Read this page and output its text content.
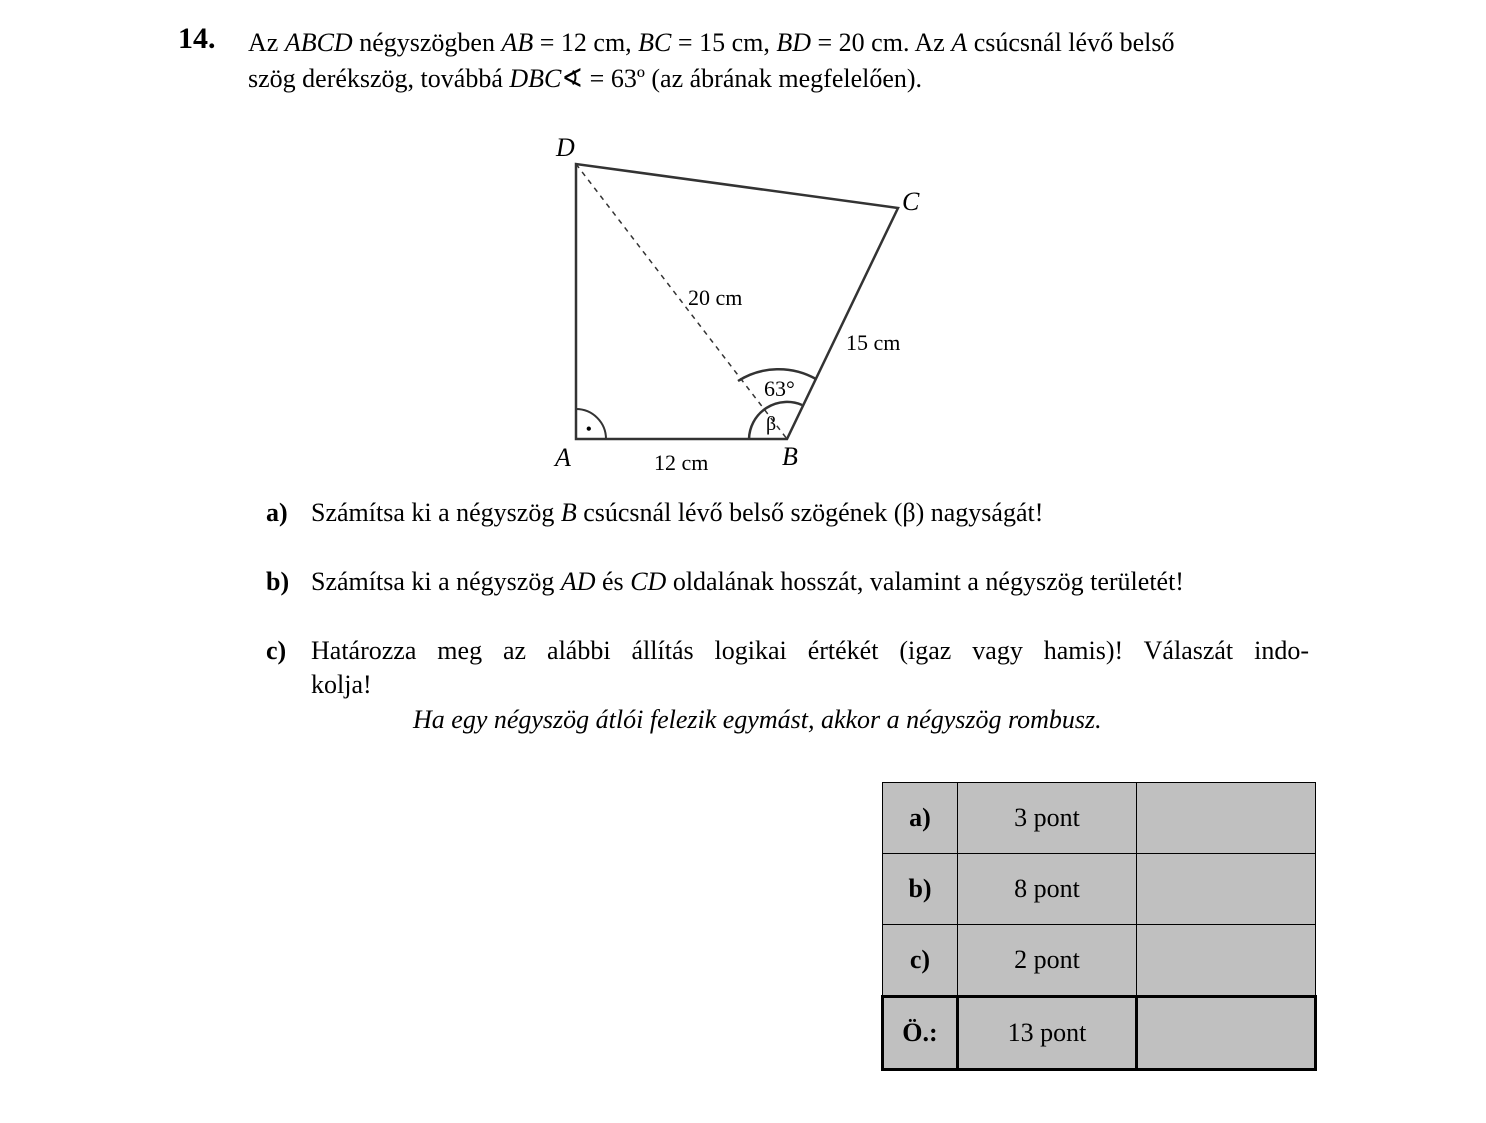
14. Az ABCD négyszögben AB = 12 cm, BC = 15 cm, BD = 20 cm. Az A csúcsnál lévő belső
szög derékszög, továbbá DBC∢ = 63º (az ábrának megfelelően).
•
D
C
A	B
20 cm
15 cm
12 cm
63°
β
a) Számítsa ki a négyszög B csúcsnál lévő belső szögének (β) nagyságát!
b) Számítsa ki a négyszög AD és CD oldalának hosszát, valamint a négyszög területét!
c) Határozza meg az alábbi állítás logikai értékét (igaz vagy hamis)! Válaszát indo-
kolja!
Ha egy négyszög átlói felezik egymást, akkor a négyszög rombusz.
a)	3 pont	
b)	8 pont	
c)	2 pont	
Ö.:	13 pont	
